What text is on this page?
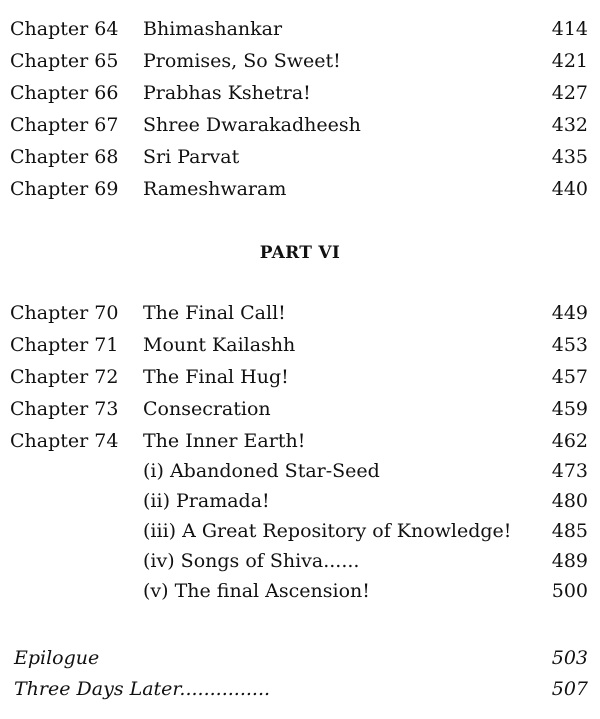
Chapter 64 Bhimashankar	414
Chapter 65 Promises, So Sweet!	421
Chapter 66 Prabhas Kshetra!	427
Chapter 67 Shree Dwarakadheesh	432
Chapter 68 Sri Parvat	435
Chapter 69 Rameshwaram	440
PART VI
Chapter 70 The Final Call!	449
Chapter 71 Mount Kailashh	453
Chapter 72 The Final Hug!	457
Chapter 73 Consecration	459
Chapter 74 The Inner Earth!	462
(i) Abandoned Star-Seed	473
(ii) Pramada!	480
(iii) A Great Repository of Knowledge! 485
(iv) Songs of Shiva......	489
(v) The final Ascension!	500
Epilogue	503
Three Days Later...............	507
